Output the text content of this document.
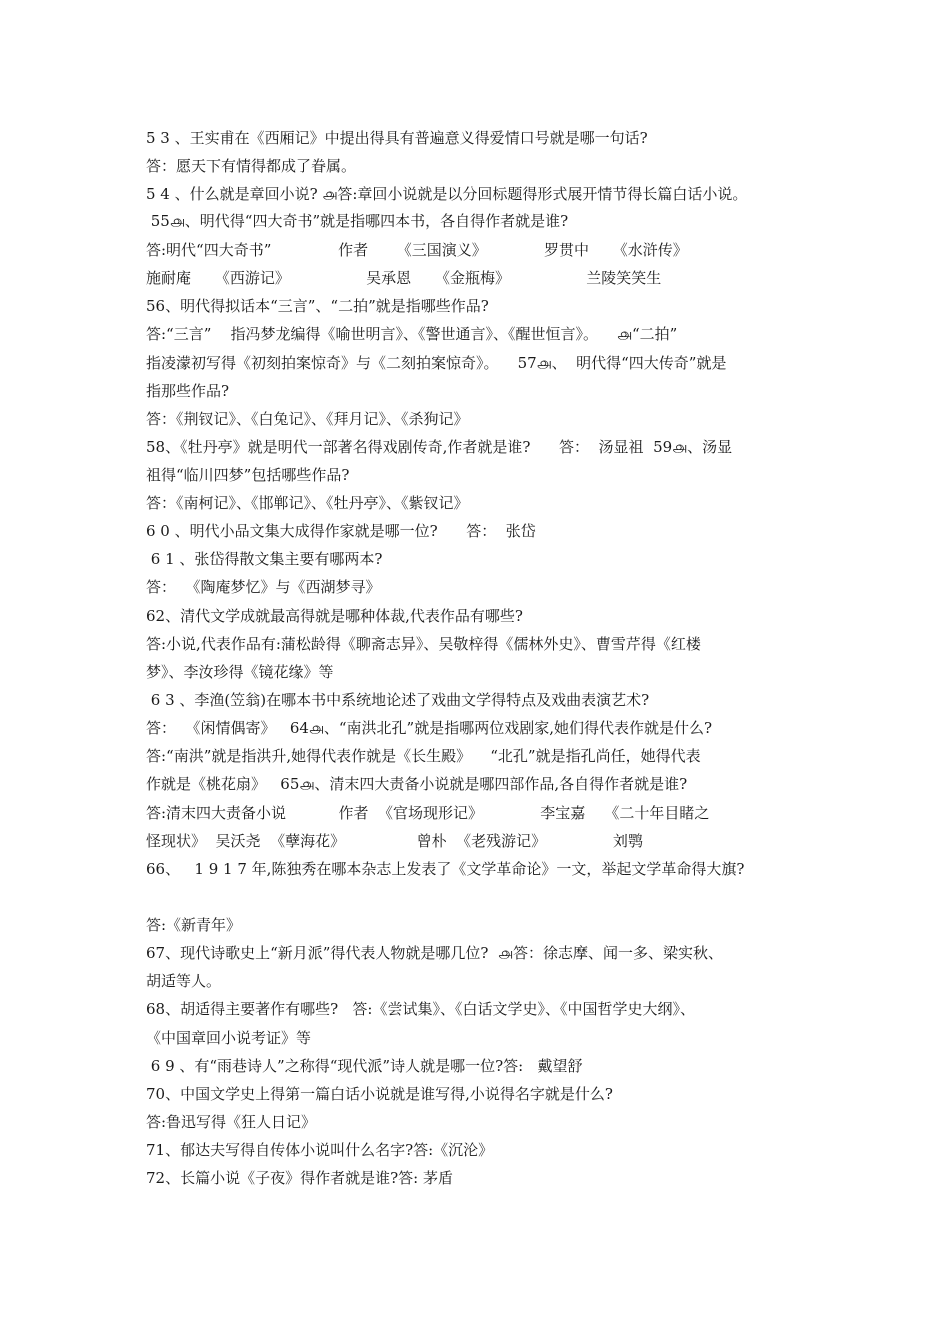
5 3 、王实甫在《西厢记》中提出得具有普遍意义得爱情口号就是哪一句话?
答：愿天下有情得都成了眷属。
5 4 、什么就是章回小说? ௮答:章回小说就是以分回标题得形式展开情节得长篇白话小说。
55௮、明代得“四大奇书”就是指哪四本书，各自得作者就是谁?
答:明代“四大奇书”              作者      《三国演义》            罗贯中     《水浒传》
施耐庵     《西游记》                吴承恩     《金瓶梅》                兰陵笑笑生
56、明代得拟话本“三言”、“二拍”就是指哪些作品?
答:“三言”    指冯梦龙编得《喻世明言》、《警世通言》、《醒世恒言》。    ௮“二拍”
指凌濛初写得《初刻拍案惊奇》与《二刻拍案惊奇》。    57௮、  明代得“四大传奇”就是
指那些作品?
答：《荆钗记》、《白兔记》、《拜月记》、《杀狗记》
58、《牡丹亭》就是明代一部著名得戏剧传奇,作者就是谁?      答：  汤显祖  59௮、汤显
祖得“临川四梦”包括哪些作品?
答：《南柯记》、《邯郸记》、《牡丹亭》、《紫钗记》
6 0 、明代小品文集大成得作家就是哪一位?      答：  张岱
6 1 、张岱得散文集主要有哪两本?
答：  《陶庵梦忆》与《西湖梦寻》
62、清代文学成就最高得就是哪种体裁,代表作品有哪些?
答:小说,代表作品有:蒲松龄得《聊斋志异》、吴敬梓得《儒林外史》、曹雪芹得《红楼
梦》、李汝珍得《镜花缘》等
6 3 、李渔(笠翁)在哪本书中系统地论述了戏曲文学得特点及戏曲表演艺术?
答：  《闲情偶寄》   64௮、“南洪北孔”就是指哪两位戏剧家,她们得代表作就是什么?
答:“南洪”就是指洪升,她得代表作就是《长生殿》    “北孔”就是指孔尚任，她得代表
作就是《桃花扇》   65௮、清末四大责备小说就是哪四部作品,各自得作者就是谁?
答:清末四大责备小说           作者  《官场现形记》            李宝嘉    《二十年目睹之
怪现状》  吴沃尧  《孽海花》               曾朴  《老残游记》              刘鹗
66、   1 9 1 7 年,陈独秀在哪本杂志上发表了《文学革命论》一文，举起文学革命得大旗?
答:《新青年》
67、现代诗歌史上“新月派”得代表人物就是哪几位?  ௮答：徐志摩、闻一多、梁实秋、
胡适等人。
68、胡适得主要著作有哪些?   答:《尝试集》、《白话文学史》、《中国哲学史大纲》、
《中国章回小说考证》等
6 9 、有“雨巷诗人”之称得“现代派”诗人就是哪一位?答:   戴望舒
70、中国文学史上得第一篇白话小说就是谁写得,小说得名字就是什么?
答:鲁迅写得《狂人日记》
71、郁达夫写得自传体小说叫什么名字?答:《沉沦》
72、长篇小说《子夜》得作者就是谁?答: 茅盾
